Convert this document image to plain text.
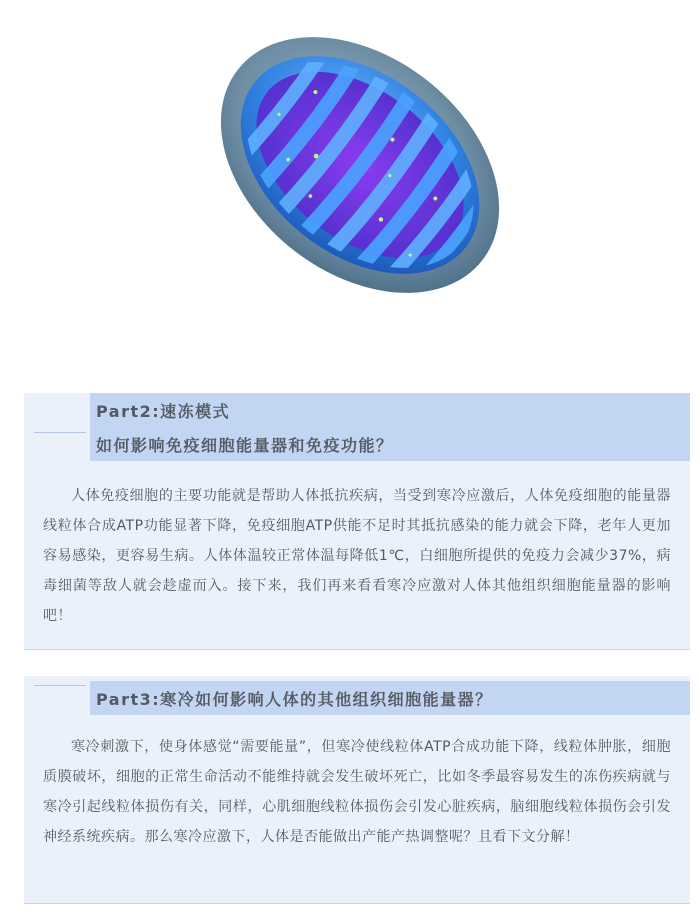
Part2:速冻模式
如何影响免疫细胞能量器和免疫功能？
人体免疫细胞的主要功能就是帮助人体抵抗疾病，当受到寒冷应激后，人体免疫细胞的能量器线粒体合成ATP功能显著下降，免疫细胞ATP供能不足时其抵抗感染的能力就会下降，老年人更加容易感染，更容易生病。人体体温较正常体温每降低1℃，白细胞所提供的免疫力会减少37%，病毒细菌等敌人就会趁虚而入。接下来，我们再来看看寒冷应激对人体其他组织细胞能量器的影响吧！
Part3:寒冷如何影响人体的其他组织细胞能量器？
寒冷刺激下，使身体感觉“需要能量”，但寒冷使线粒体ATP合成功能下降，线粒体肿胀，细胞质膜破坏，细胞的正常生命活动不能维持就会发生破坏死亡，比如冬季最容易发生的冻伤疾病就与寒冷引起线粒体损伤有关，同样，心肌细胞线粒体损伤会引发心脏疾病，脑细胞线粒体损伤会引发神经系统疾病。那么寒冷应激下，人体是否能做出产能产热调整呢？且看下文分解！
